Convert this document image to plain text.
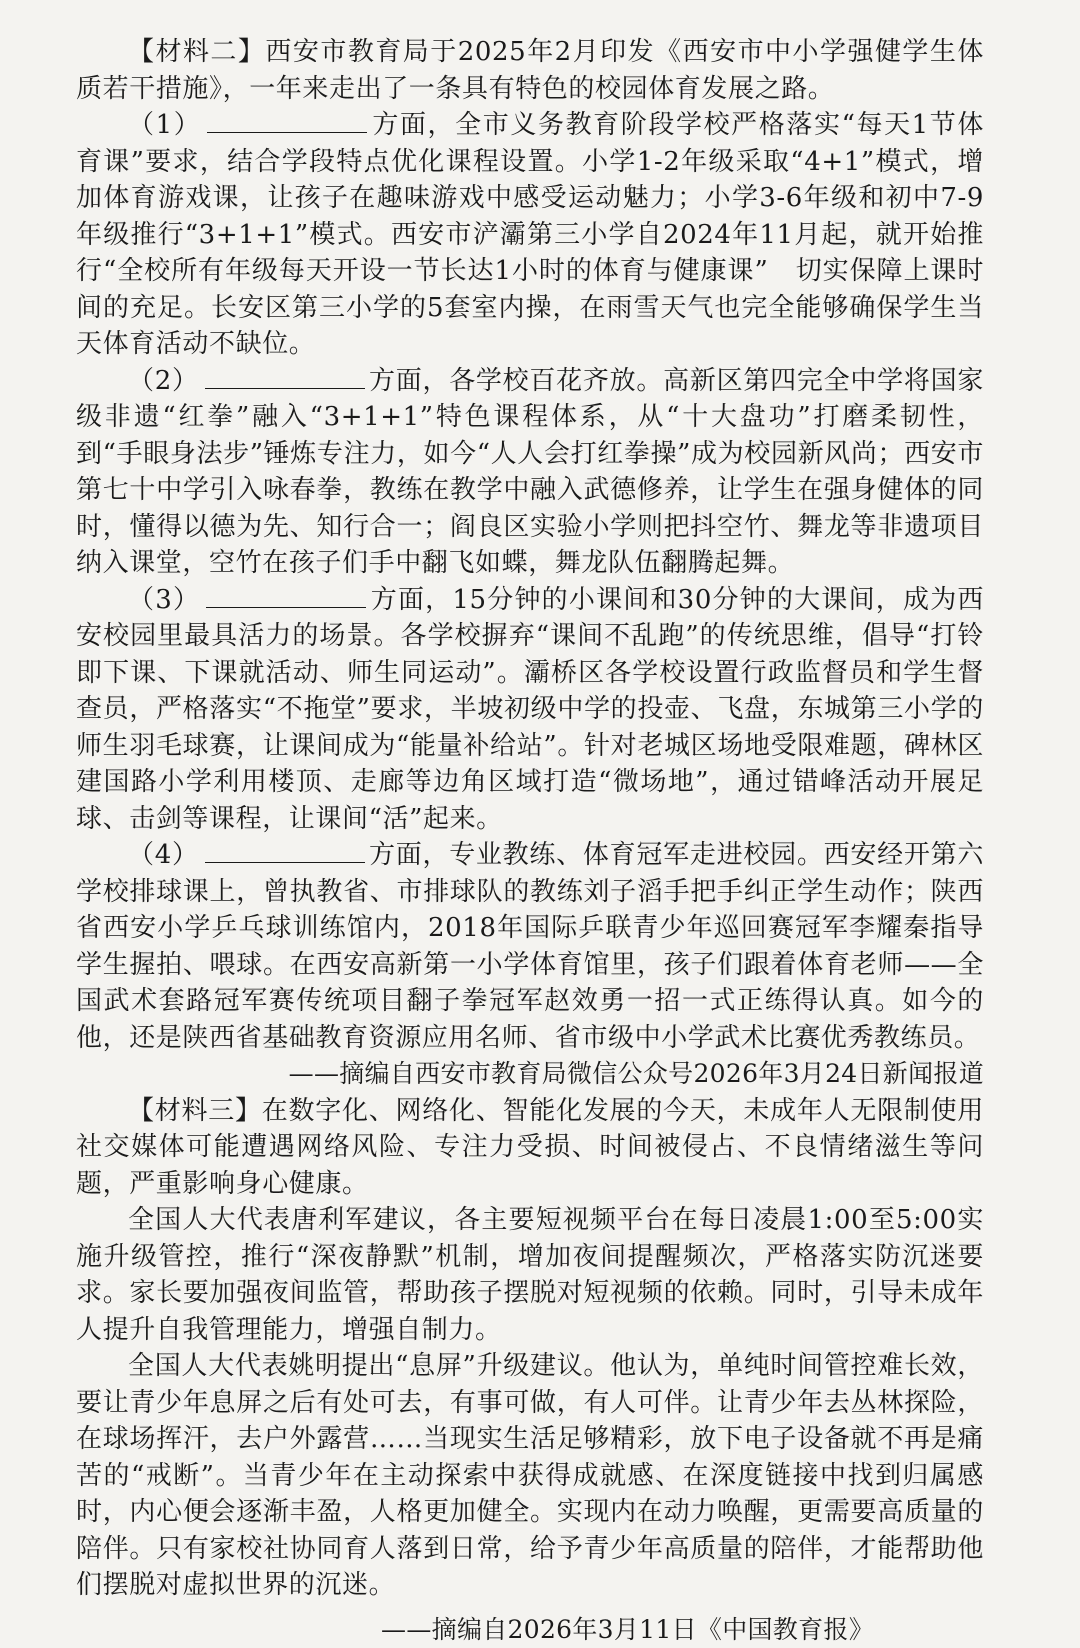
【材料二】西安市教育局于2025年2月印发《西安市中小学强健学生体质若干措施》，一年来走出了一条具有特色的校园体育发展之路。

（1）	方面，全市义务教育阶段学校严格落实“每天1节体育课”要求，结合学段特点优化课程设置。小学1-2年级采取“4+1”模式，增加体育游戏课，让孩子在趣味游戏中感受运动魅力；小学3-6年级和初中7-9年级推行“3+1+1”模式。西安市浐灞第三小学自2024年11月起，就开始推行“全校所有年级每天开设一节长达1小时的体育与健康课”　切实保障上课时间的充足。长安区第三小学的5套室内操，在雨雪天气也完全能够确保学生当天体育活动不缺位。

（2）	方面，各学校百花齐放。高新区第四完全中学将国家级非遗“红拳”融入“3+1+1”特色课程体系，从“十大盘功”打磨柔韧性，到“手眼身法步”锤炼专注力，如今“人人会打红拳操”成为校园新风尚；西安市第七十中学引入咏春拳，教练在教学中融入武德修养，让学生在强身健体的同时，懂得以德为先、知行合一；阎良区实验小学则把抖空竹、舞龙等非遗项目纳入课堂，空竹在孩子们手中翻飞如蝶，舞龙队伍翻腾起舞。

（3）	方面，15分钟的小课间和30分钟的大课间，成为西安校园里最具活力的场景。各学校摒弃“课间不乱跑”的传统思维，倡导“打铃即下课、下课就活动、师生同运动”。灞桥区各学校设置行政监督员和学生督查员，严格落实“不拖堂”要求，半坡初级中学的投壶、飞盘，东城第三小学的师生羽毛球赛，让课间成为“能量补给站”。针对老城区场地受限难题，碑林区建国路小学利用楼顶、走廊等边角区域打造“微场地”，通过错峰活动开展足球、击剑等课程，让课间“活”起来。

（4）	方面，专业教练、体育冠军走进校园。西安经开第六学校排球课上，曾执教省、市排球队的教练刘子滔手把手纠正学生动作；陕西省西安小学乒乓球训练馆内，2018年国际乒联青少年巡回赛冠军李耀秦指导学生握拍、喂球。在西安高新第一小学体育馆里，孩子们跟着体育老师——全国武术套路冠军赛传统项目翻子拳冠军赵效勇一招一式正练得认真。如今的他，还是陕西省基础教育资源应用名师、省市级中小学武术比赛优秀教练员。

——摘编自西安市教育局微信公众号2026年3月24日新闻报道

【材料三】在数字化、网络化、智能化发展的今天，未成年人无限制使用社交媒体可能遭遇网络风险、专注力受损、时间被侵占、不良情绪滋生等问题，严重影响身心健康。

全国人大代表唐利军建议，各主要短视频平台在每日凌晨1:00至5:00实施升级管控，推行“深夜静默”机制，增加夜间提醒频次，严格落实防沉迷要求。家长要加强夜间监管，帮助孩子摆脱对短视频的依赖。同时，引导未成年人提升自我管理能力，增强自制力。

全国人大代表姚明提出“息屏”升级建议。他认为，单纯时间管控难长效，要让青少年息屏之后有处可去，有事可做，有人可伴。让青少年去丛林探险，在球场挥汗，去户外露营……当现实生活足够精彩，放下电子设备就不再是痛苦的“戒断”。当青少年在主动探索中获得成就感、在深度链接中找到归属感时，内心便会逐渐丰盈，人格更加健全。实现内在动力唤醒，更需要高质量的陪伴。只有家校社协同育人落到日常，给予青少年高质量的陪伴，才能帮助他们摆脱对虚拟世界的沉迷。

——摘编自2026年3月11日《中国教育报》
